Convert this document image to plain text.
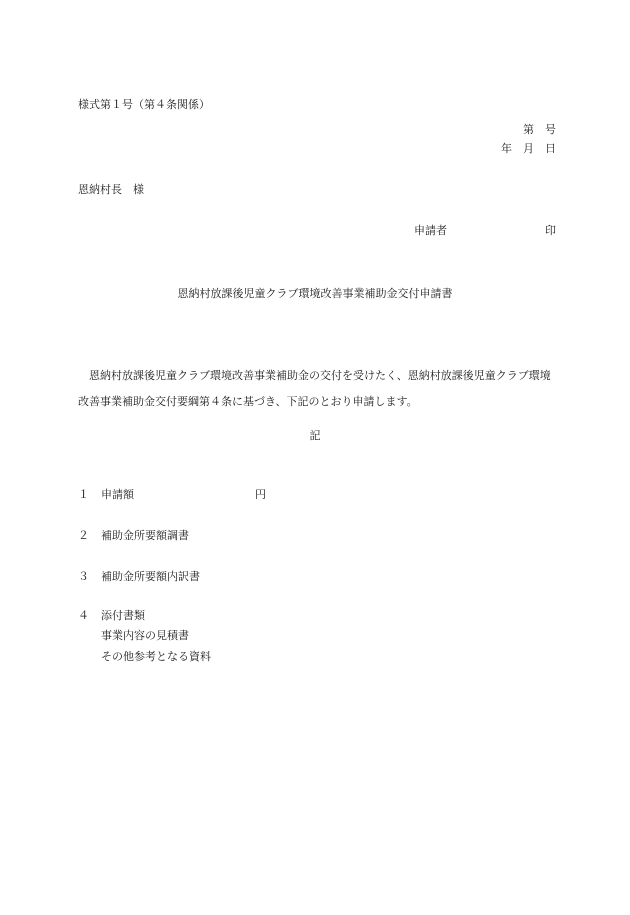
様式第１号（第４条関係）
第　号
年　月　日
恩納村長　様
申請者	印
恩納村放課後児童クラブ環境改善事業補助金交付申請書
恩納村放課後児童クラブ環境改善事業補助金の交付を受けたく、恩納村放課後児童クラブ環境改善事業補助金交付要綱第４条に基づき、下記のとおり申請します。
記
１ 申請額	円
２ 補助金所要額調書
３ 補助金所要額内訳書
４ 添付書類
事業内容の見積書
その他参考となる資料
